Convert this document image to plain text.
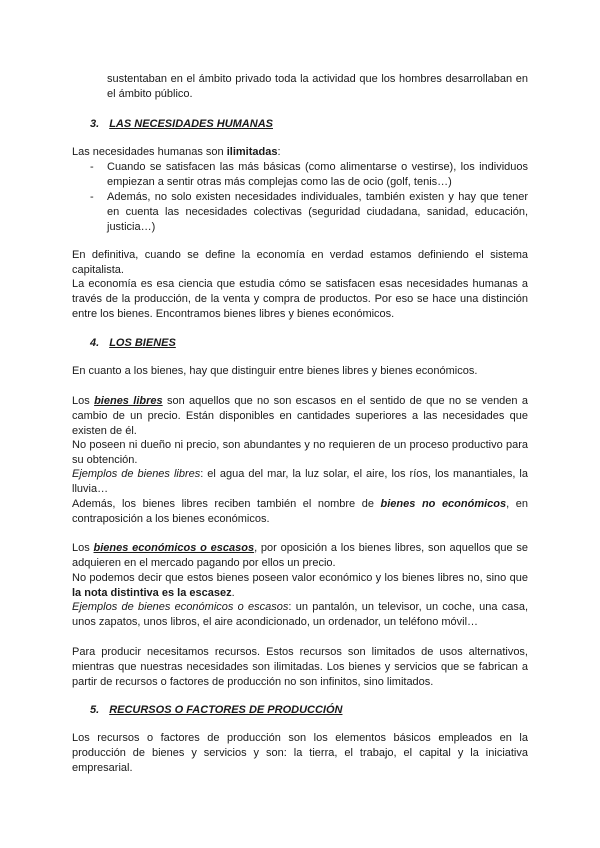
sustentaban en el ámbito privado toda la actividad que los hombres desarrollaban en el ámbito público.

3. LAS NECESIDADES HUMANAS

Las necesidades humanas son ilimitadas:

- Cuando se satisfacen las más básicas (como alimentarse o vestirse), los individuos empiezan a sentir otras más complejas como las de ocio (golf, tenis…)
- Además, no solo existen necesidades individuales, también existen y hay que tener en cuenta las necesidades colectivas (seguridad ciudadana, sanidad, educación, justicia…)

En definitiva, cuando se define la economía en verdad estamos definiendo el sistema capitalista.

La economía es esa ciencia que estudia cómo se satisfacen esas necesidades humanas a través de la producción, de la venta y compra de productos. Por eso se hace una distinción entre los bienes. Encontramos bienes libres y bienes económicos.

4. LOS BIENES

En cuanto a los bienes, hay que distinguir entre bienes libres y bienes económicos.

Los bienes libres son aquellos que no son escasos en el sentido de que no se venden a cambio de un precio. Están disponibles en cantidades superiores a las necesidades que existen de él.

No poseen ni dueño ni precio, son abundantes y no requieren de un proceso productivo para su obtención.

Ejemplos de bienes libres: el agua del mar, la luz solar, el aire, los ríos, los manantiales, la lluvia…

Además, los bienes libres reciben también el nombre de bienes no económicos, en contraposición a los bienes económicos.

Los bienes económicos o escasos, por oposición a los bienes libres, son aquellos que se adquieren en el mercado pagando por ellos un precio.

No podemos decir que estos bienes poseen valor económico y los bienes libres no, sino que la nota distintiva es la escasez.

Ejemplos de bienes económicos o escasos: un pantalón, un televisor, un coche, una casa, unos zapatos, unos libros, el aire acondicionado, un ordenador, un teléfono móvil…

Para producir necesitamos recursos. Estos recursos son limitados de usos alternativos, mientras que nuestras necesidades son ilimitadas. Los bienes y servicios que se fabrican a partir de recursos o factores de producción no son infinitos, sino limitados.

5. RECURSOS O FACTORES DE PRODUCCIÓN

Los recursos o factores de producción son los elementos básicos empleados en la producción de bienes y servicios y son: la tierra, el trabajo, el capital y la iniciativa empresarial.
